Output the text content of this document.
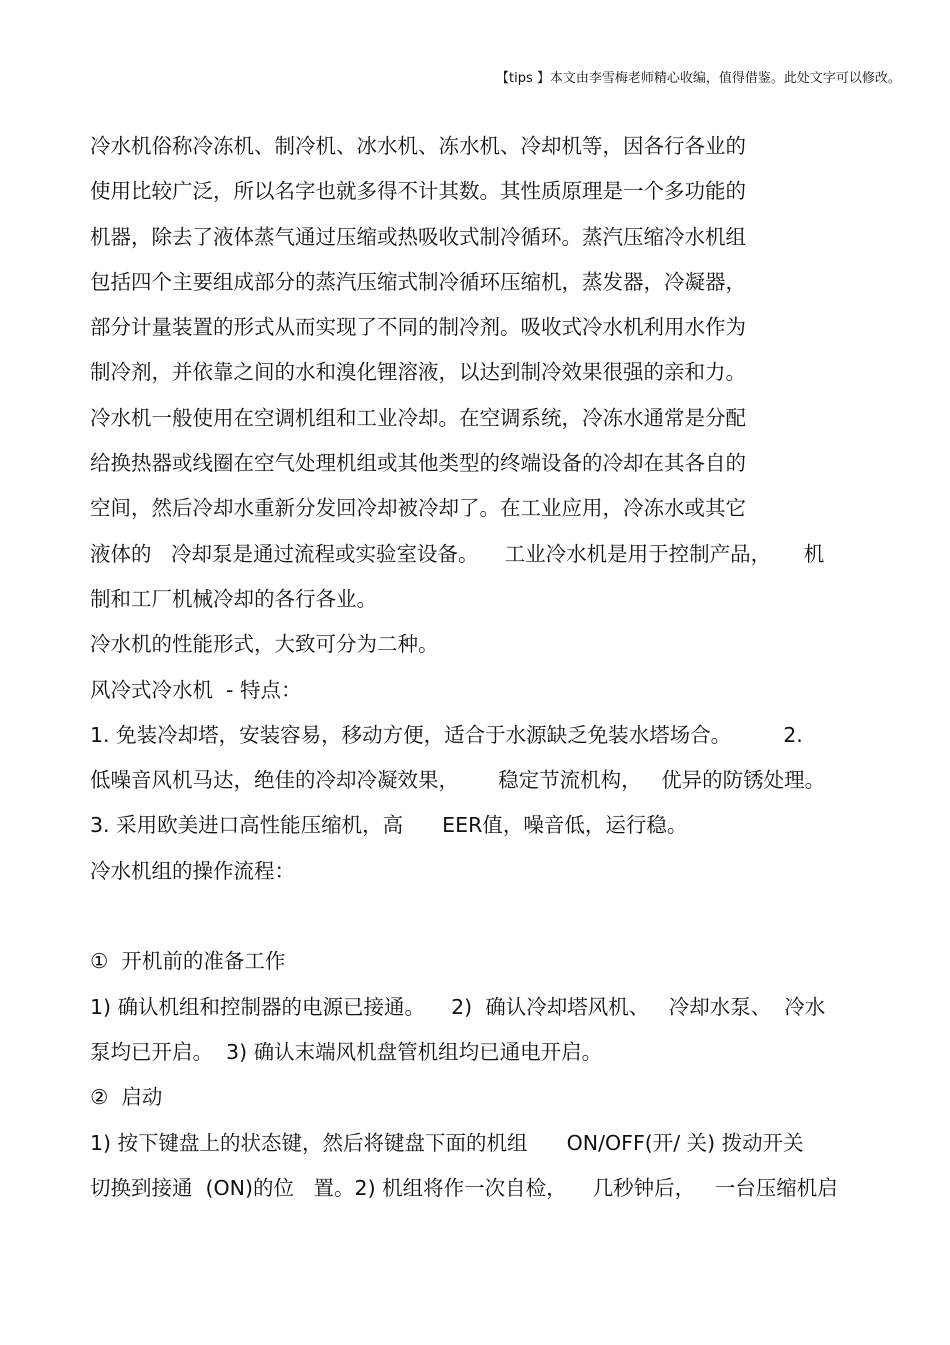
【tips 】本文由李雪梅老师精心收编，值得借鉴。此处文字可以修改。
冷水机俗称冷冻机、制冷机、冰水机、冻水机、冷却机等，因各行各业的
使用比较广泛，所以名字也就多得不计其数。其性质原理是一个多功能的
机器，除去了液体蒸气通过压缩或热吸收式制冷循环。蒸汽压缩冷水机组
包括四个主要组成部分的蒸汽压缩式制冷循环压缩机，蒸发器，冷凝器，
部分计量装置的形式从而实现了不同的制冷剂。吸收式冷水机利用水作为
制冷剂，并依靠之间的水和溴化锂溶液，以达到制冷效果很强的亲和力。
冷水机一般使用在空调机组和工业冷却。在空调系统，冷冻水通常是分配
给换热器或线圈在空气处理机组或其他类型的终端设备的冷却在其各自的
空间，然后冷却水重新分发回冷却被冷却了。在工业应用，冷冻水或其它
液体的   冷却泵是通过流程或实验室设备。    工业冷水机是用于控制产品，     机
制和工厂机械冷却的各行各业。
冷水机的性能形式，大致可分为二种。
风冷式冷水机  - 特点：
1. 免装冷却塔，安装容易，移动方便，适合于水源缺乏免装水塔场合。        2.
低噪音风机马达，绝佳的冷却冷凝效果，      稳定节流机构，   优异的防锈处理。
3. 采用欧美进口高性能压缩机，高      EER值，噪音低，运行稳。
冷水机组的操作流程：
①  开机前的准备工作
1) 确认机组和控制器的电源已接通。    2)  确认冷却塔风机、   冷却水泵、  冷水
泵均已开启。  3) 确认末端风机盘管机组均已通电开启。
②  启动
1) 按下键盘上的状态键，然后将键盘下面的机组      ON/OFF(开/ 关) 拨动开关
切换到接通  (ON)的位   置。2) 机组将作一次自检，    几秒钟后，   一台压缩机启
